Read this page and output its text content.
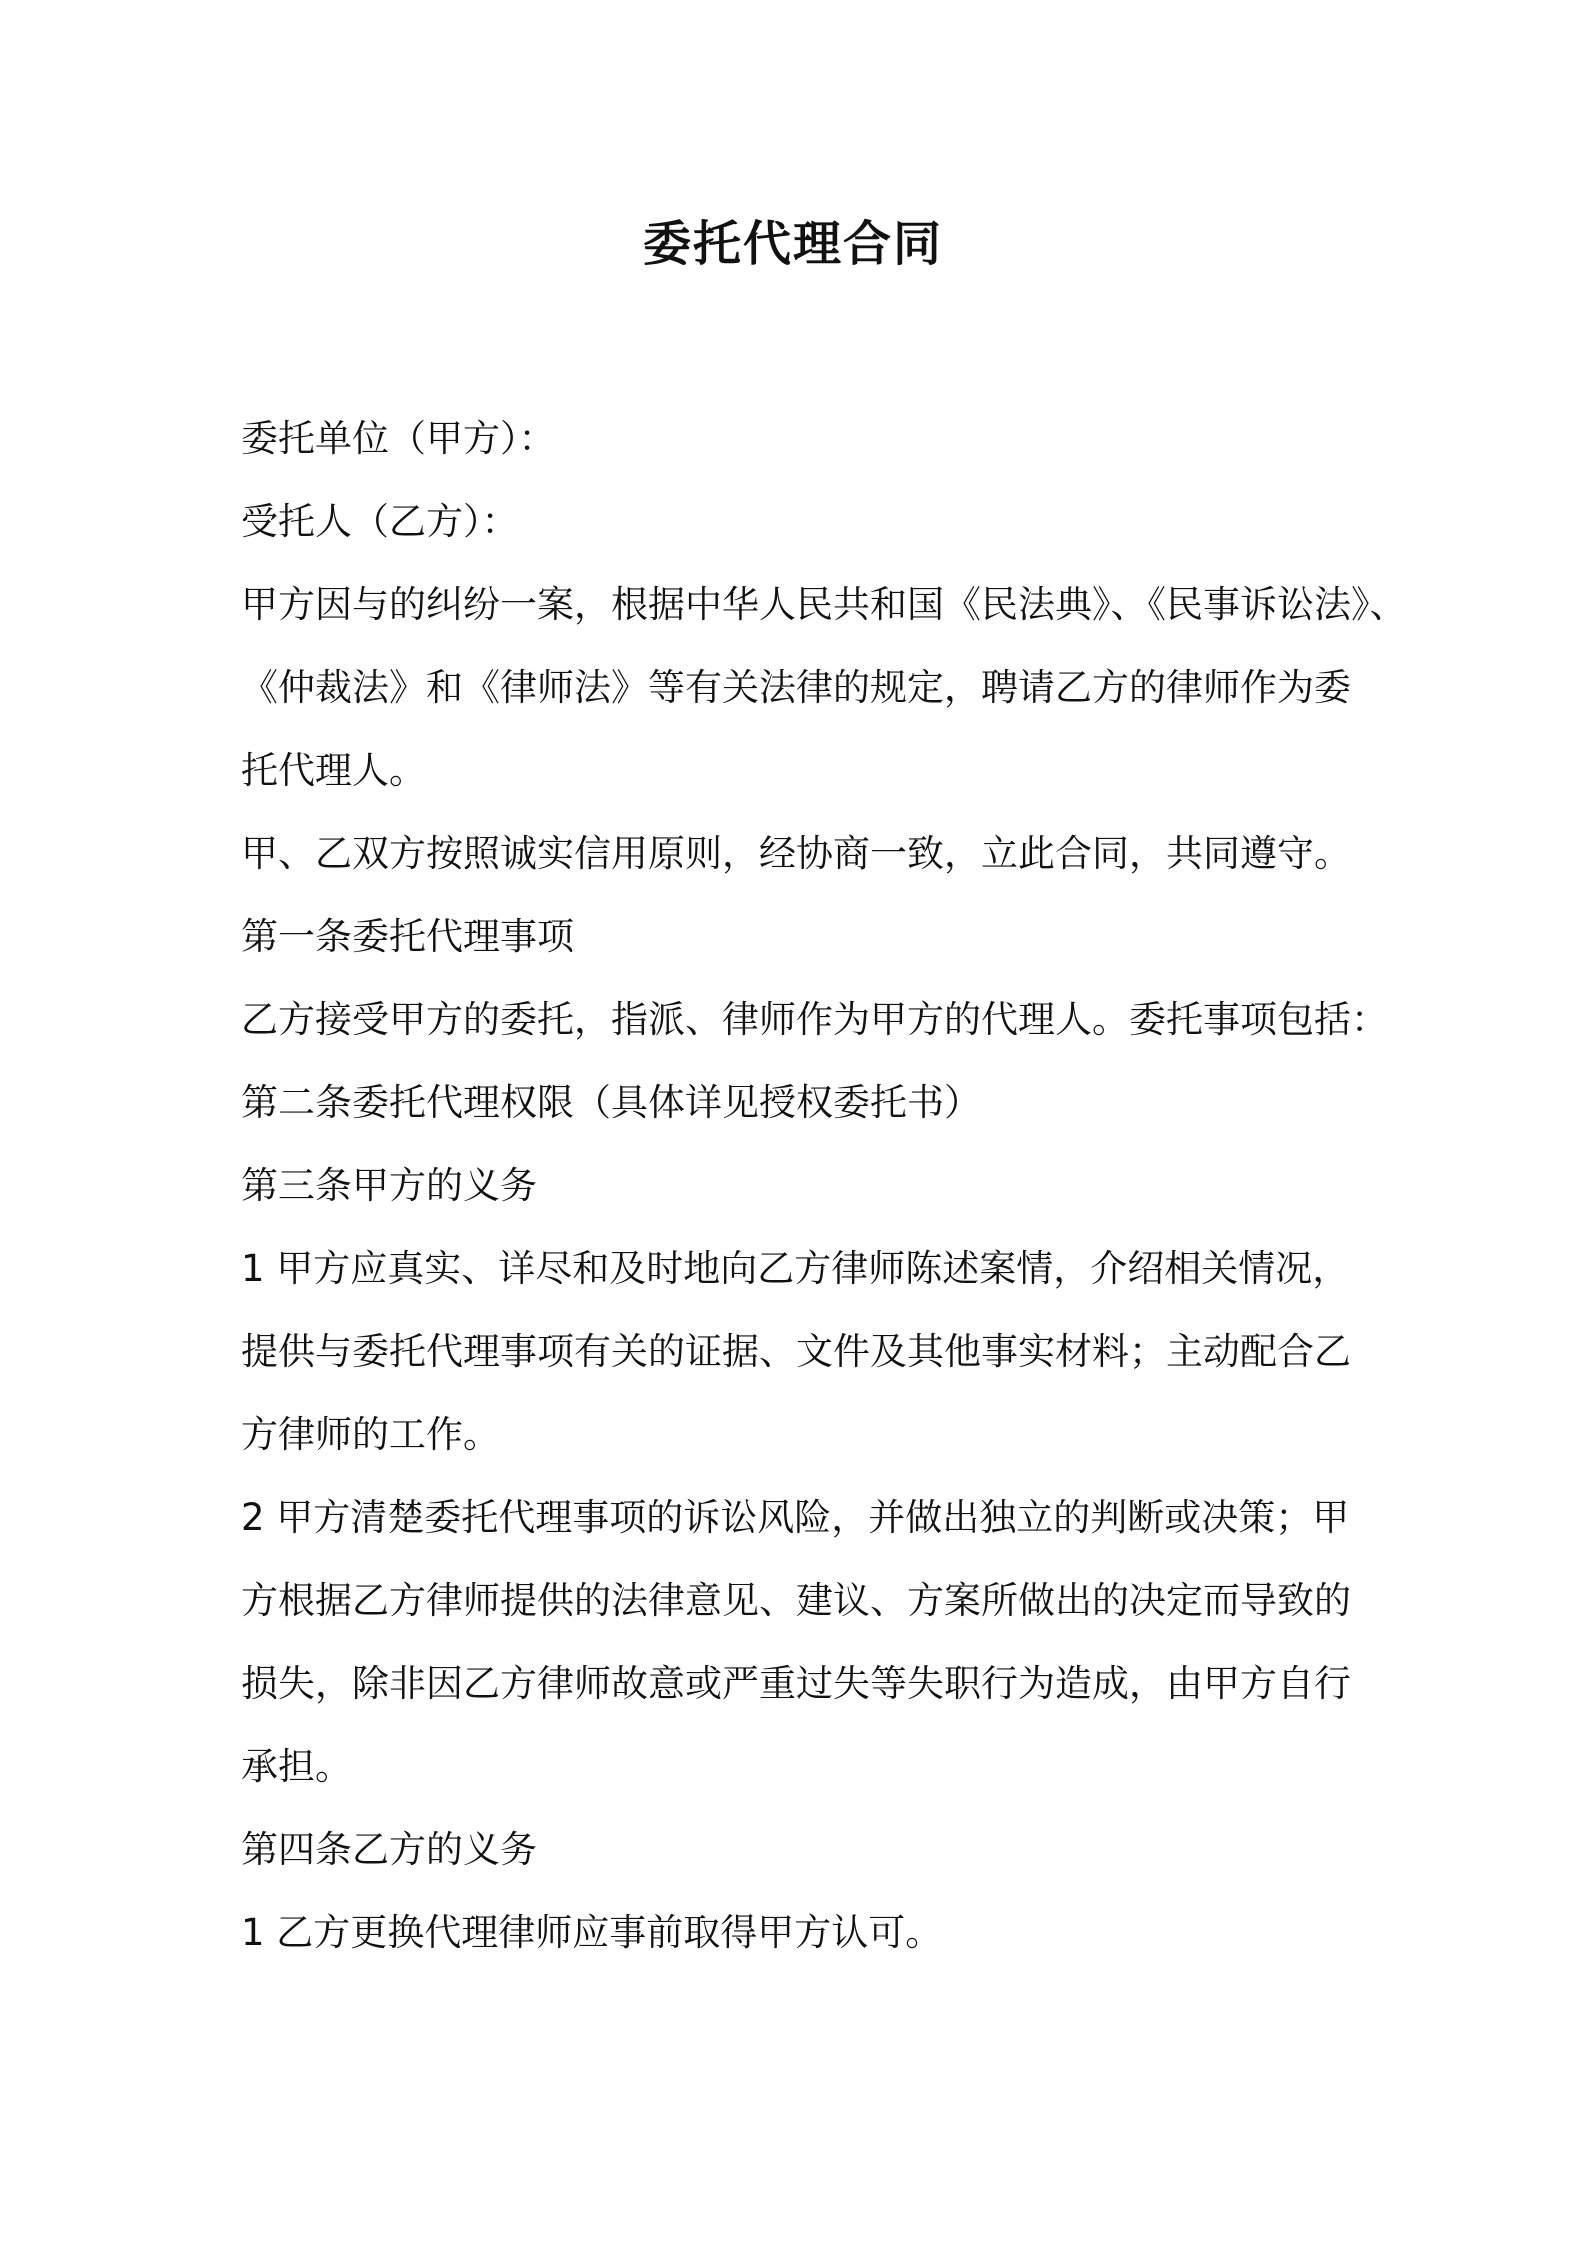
委托代理合同
委托单位（甲方）：
受托人（乙方）：
甲方因与的纠纷一案，根据中华人民共和国《民法典》、《民事诉讼法》、
《仲裁法》和《律师法》等有关法律的规定，聘请乙方的律师作为委
托代理人。
甲、乙双方按照诚实信用原则，经协商一致，立此合同，共同遵守。
第一条委托代理事项
乙方接受甲方的委托，指派、律师作为甲方的代理人。委托事项包括：
第二条委托代理权限（具体详见授权委托书）
第三条甲方的义务
1 甲方应真实、详尽和及时地向乙方律师陈述案情，介绍相关情况，
提供与委托代理事项有关的证据、文件及其他事实材料；主动配合乙
方律师的工作。
2 甲方清楚委托代理事项的诉讼风险，并做出独立的判断或决策；甲
方根据乙方律师提供的法律意见、建议、方案所做出的决定而导致的
损失，除非因乙方律师故意或严重过失等失职行为造成，由甲方自行
承担。
第四条乙方的义务
1 乙方更换代理律师应事前取得甲方认可。
